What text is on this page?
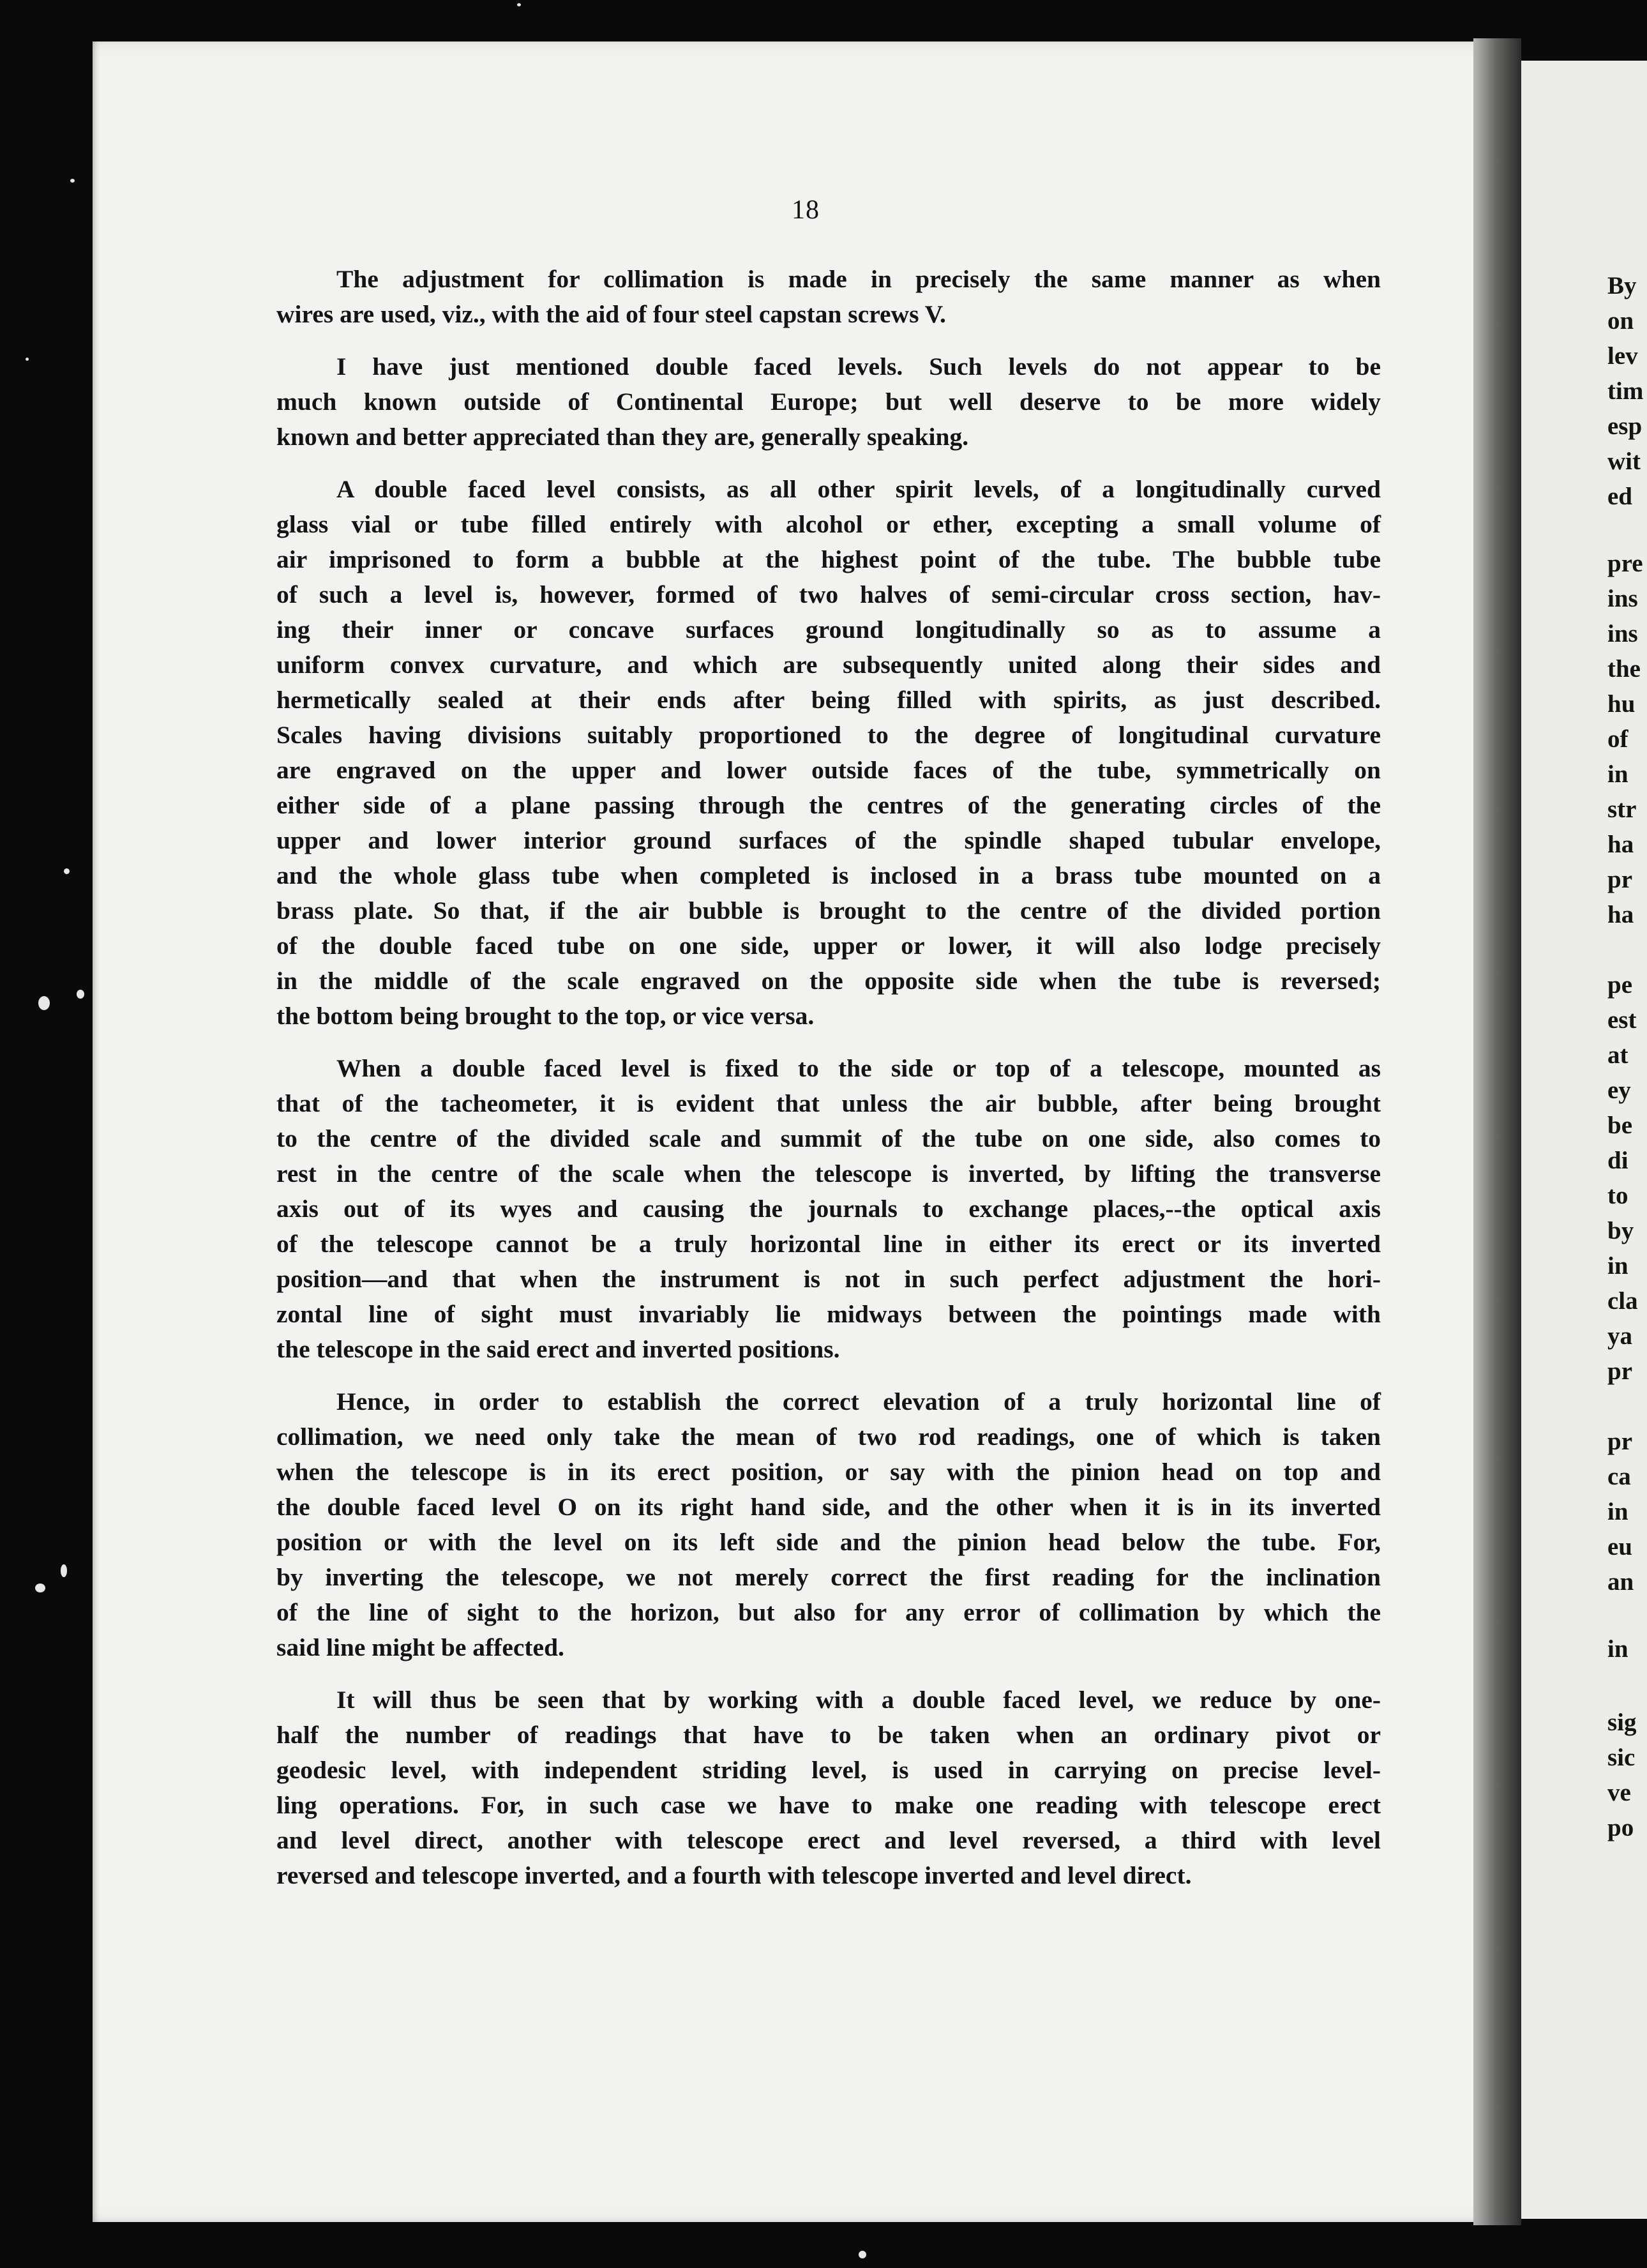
18
The adjustment for collimation is made in precisely the same manner as when
wires are used, viz., with the aid of four steel capstan screws V.
I have just mentioned double faced levels. Such levels do not appear to be
much known outside of Continental Europe; but well deserve to be more widely
known and better appreciated than they are, generally speaking.
A double faced level consists, as all other spirit levels, of a longitudinally curved
glass vial or tube filled entirely with alcohol or ether, excepting a small volume of
air imprisoned to form a bubble at the highest point of the tube. The bubble tube
of such a level is, however, formed of two halves of semi-circular cross section, hav-
ing their inner or concave surfaces ground longitudinally so as to assume a
uniform convex curvature, and which are subsequently united along their sides and
hermetically sealed at their ends after being filled with spirits, as just described.
Scales having divisions suitably proportioned to the degree of longitudinal curvature
are engraved on the upper and lower outside faces of the tube, symmetrically on
either side of a plane passing through the centres of the generating circles of the
upper and lower interior ground surfaces of the spindle shaped tubular envelope,
and the whole glass tube when completed is inclosed in a brass tube mounted on a
brass plate. So that, if the air bubble is brought to the centre of the divided portion
of the double faced tube on one side, upper or lower, it will also lodge precisely
in the middle of the scale engraved on the opposite side when the tube is reversed;
the bottom being brought to the top, or vice versa.
When a double faced level is fixed to the side or top of a telescope, mounted as
that of the tacheometer, it is evident that unless the air bubble, after being brought
to the centre of the divided scale and summit of the tube on one side, also comes to
rest in the centre of the scale when the telescope is inverted, by lifting the transverse
axis out of its wyes and causing the journals to exchange places,--the optical axis
of the telescope cannot be a truly horizontal line in either its erect or its inverted
position—and that when the instrument is not in such perfect adjustment the hori-
zontal line of sight must invariably lie midways between the pointings made with
the telescope in the said erect and inverted positions.
Hence, in order to establish the correct elevation of a truly horizontal line of
collimation, we need only take the mean of two rod readings, one of which is taken
when the telescope is in its erect position, or say with the pinion head on top and
the double faced level O on its right hand side, and the other when it is in its inverted
position or with the level on its left side and the pinion head below the tube. For,
by inverting the telescope, we not merely correct the first reading for the inclination
of the line of sight to the horizon, but also for any error of collimation by which the
said line might be affected.
It will thus be seen that by working with a double faced level, we reduce by one-
half the number of readings that have to be taken when an ordinary pivot or
geodesic level, with independent striding level, is used in carrying on precise level-
ling operations. For, in such case we have to make one reading with telescope erect
and level direct, another with telescope erect and level reversed, a third with level
reversed and telescope inverted, and a fourth with telescope inverted and level direct.
By
on
lev
tim
esp
wit
ed
pre
ins
ins
the
hu
of
in
str
ha
pr
ha
pe
est
at
ey
be
di
to
by
in
cla
ya
pr
pr
ca
in
eu
an
in
sig
sic
ve
po
